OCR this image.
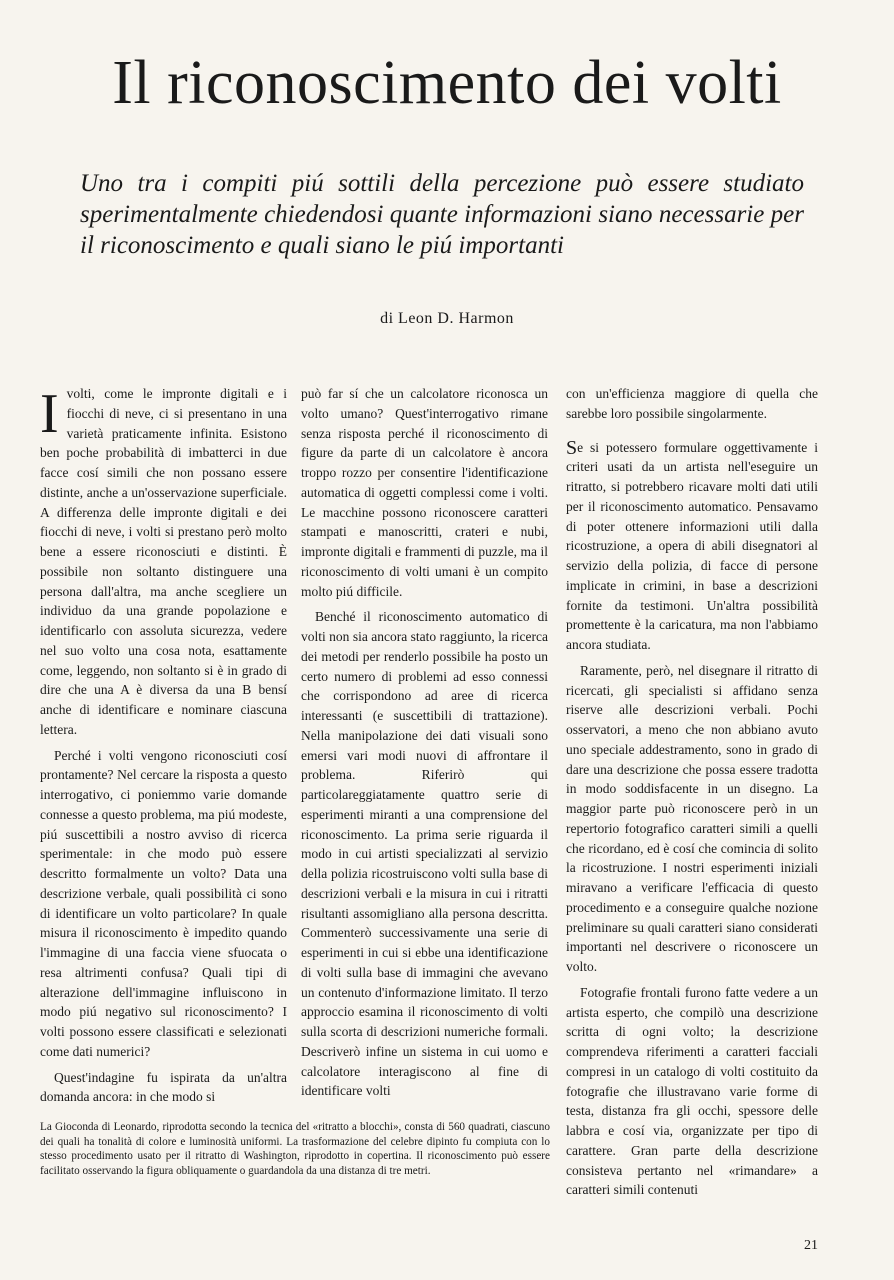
Il riconoscimento dei volti

Uno tra i compiti piú sottili della percezione può essere studiato sperimentalmente chiedendosi quante informazioni siano necessarie per il riconoscimento e quali siano le piú importanti

di Leon D. Harmon

Ivolti, come le impronte digitali e i fiocchi di neve, ci si presentano in una varietà praticamente infinita. Esistono ben poche probabilità di imbatterci in due facce cosí simili che non possano essere distinte, anche a un'osservazione superficiale. A differenza delle impronte digitali e dei fiocchi di neve, i volti si prestano però molto bene a essere riconosciuti e distinti. È possibile non soltanto distinguere una persona dall'altra, ma anche scegliere un individuo da una grande popolazione e identificarlo con assoluta sicurezza, vedere nel suo volto una cosa nota, esattamente come, leggendo, non soltanto si è in grado di dire che una A è diversa da una B bensí anche di identificare e nominare ciascuna lettera.

Perché i volti vengono riconosciuti cosí prontamente? Nel cercare la risposta a questo interrogativo, ci poniemmo varie domande connesse a questo problema, ma piú modeste, piú suscettibili a nostro avviso di ricerca sperimentale: in che modo può essere descritto formalmente un volto? Data una descrizione verbale, quali possibilità ci sono di identificare un volto particolare? In quale misura il riconoscimento è impedito quando l'immagine di una faccia viene sfuocata o resa altrimenti confusa? Quali tipi di alterazione dell'immagine influiscono in modo piú negativo sul riconoscimento? I volti possono essere classificati e selezionati come dati numerici?

Quest'indagine fu ispirata da un'altra domanda ancora: in che modo si

può far sí che un calcolatore riconosca un volto umano? Quest'interrogativo rimane senza risposta perché il riconoscimento di figure da parte di un calcolatore è ancora troppo rozzo per consentire l'identificazione automatica di oggetti complessi come i volti. Le macchine possono riconoscere caratteri stampati e manoscritti, crateri e nubi, impronte digitali e frammenti di puzzle, ma il riconoscimento di volti umani è un compito molto piú difficile.

Benché il riconoscimento automatico di volti non sia ancora stato raggiunto, la ricerca dei metodi per renderlo possibile ha posto un certo numero di problemi ad esso connessi che corrispondono ad aree di ricerca interessanti (e suscettibili di trattazione). Nella manipolazione dei dati visuali sono emersi vari modi nuovi di affrontare il problema. Riferirò qui particolareggiatamente quattro serie di esperimenti miranti a una comprensione del riconoscimento. La prima serie riguarda il modo in cui artisti specializzati al servizio della polizia ricostruiscono volti sulla base di descrizioni verbali e la misura in cui i ritratti risultanti assomigliano alla persona descritta. Commenterò successivamente una serie di esperimenti in cui si ebbe una identificazione di volti sulla base di immagini che avevano un contenuto d'informazione limitato. Il terzo approccio esamina il riconoscimento di volti sulla scorta di descrizioni numeriche formali. Descriverò infine un sistema in cui uomo e calcolatore interagiscono al fine di identificare volti

con un'efficienza maggiore di quella che sarebbe loro possibile singolarmente.

Se si potessero formulare oggettivamente i criteri usati da un artista nell'eseguire un ritratto, si potrebbero ricavare molti dati utili per il riconoscimento automatico. Pensavamo di poter ottenere informazioni utili dalla ricostruzione, a opera di abili disegnatori al servizio della polizia, di facce di persone implicate in crimini, in base a descrizioni fornite da testimoni. Un'altra possibilità promettente è la caricatura, ma non l'abbiamo ancora studiata.

Raramente, però, nel disegnare il ritratto di ricercati, gli specialisti si affidano senza riserve alle descrizioni verbali. Pochi osservatori, a meno che non abbiano avuto uno speciale addestramento, sono in grado di dare una descrizione che possa essere tradotta in modo soddisfacente in un disegno. La maggior parte può riconoscere però in un repertorio fotografico caratteri simili a quelli che ricordano, ed è cosí che comincia di solito la ricostruzione. I nostri esperimenti iniziali miravano a verificare l'efficacia di questo procedimento e a conseguire qualche nozione preliminare su quali caratteri siano considerati importanti nel descrivere o riconoscere un volto.

Fotografie frontali furono fatte vedere a un artista esperto, che compilò una descrizione scritta di ogni volto; la descrizione comprendeva riferimenti a caratteri facciali compresi in un catalogo di volti costituito da fotografie che illustravano varie forme di testa, distanza fra gli occhi, spessore delle labbra e cosí via, organizzate per tipo di carattere. Gran parte della descrizione consisteva pertanto nel «rimandare» a caratteri simili contenuti

La Gioconda di Leonardo, riprodotta secondo la tecnica del «ritratto a blocchi», consta di 560 quadrati, ciascuno dei quali ha tonalità di colore e luminosità uniformi. La trasformazione del celebre dipinto fu compiuta con lo stesso procedimento usato per il ritratto di Washington, riprodotto in copertina. Il riconoscimento può essere facilitato osservando la figura obliquamente o guardandola da una distanza di tre metri.

21
